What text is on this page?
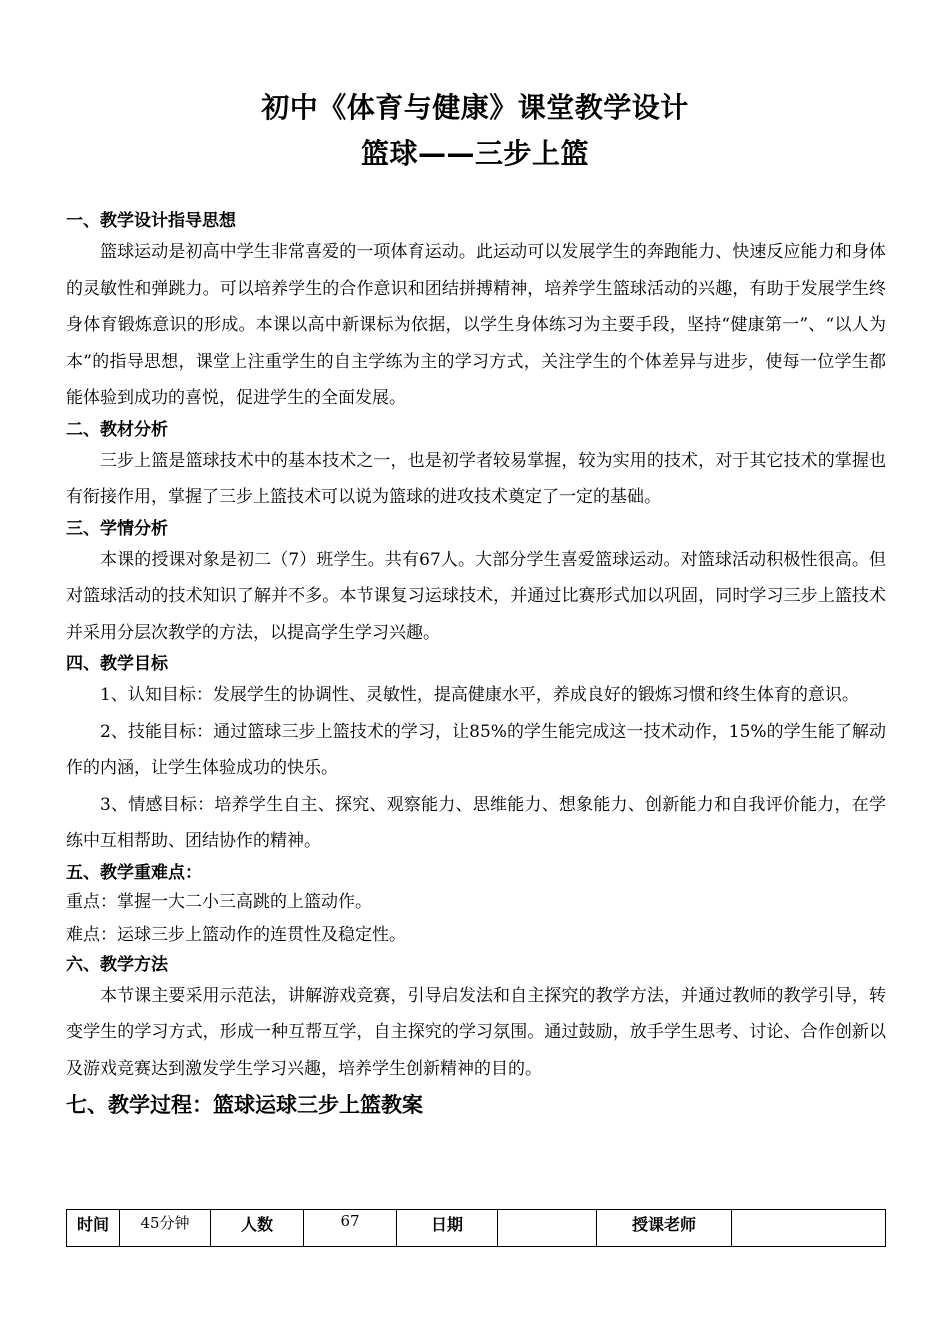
初中《体育与健康》课堂教学设计
篮球——三步上篮
一、教学设计指导思想
篮球运动是初高中学生非常喜爱的一项体育运动。此运动可以发展学生的奔跑能力、快速反应能力和身体的灵敏性和弹跳力。可以培养学生的合作意识和团结拼搏精神，培养学生篮球活动的兴趣，有助于发展学生终身体育锻炼意识的形成。本课以高中新课标为依据，以学生身体练习为主要手段，坚持“健康第一”、“以人为本”的指导思想，课堂上注重学生的自主学练为主的学习方式，关注学生的个体差异与进步，使每一位学生都能体验到成功的喜悦，促进学生的全面发展。
二、教材分析
三步上篮是篮球技术中的基本技术之一，也是初学者较易掌握，较为实用的技术，对于其它技术的掌握也有衔接作用，掌握了三步上篮技术可以说为篮球的进攻技术奠定了一定的基础。
三、学情分析
本课的授课对象是初二（7）班学生。共有67人。大部分学生喜爱篮球运动。对篮球活动积极性很高。但对篮球活动的技术知识了解并不多。本节课复习运球技术，并通过比赛形式加以巩固，同时学习三步上篮技术并采用分层次教学的方法，以提高学生学习兴趣。
四、教学目标
1、认知目标：发展学生的协调性、灵敏性，提高健康水平，养成良好的锻炼习惯和终生体育的意识。
2、技能目标：通过篮球三步上篮技术的学习，让85%的学生能完成这一技术动作，15%的学生能了解动作的内涵，让学生体验成功的快乐。
3、情感目标：培养学生自主、探究、观察能力、思维能力、想象能力、创新能力和自我评价能力，在学练中互相帮助、团结协作的精神。
五、教学重难点：
重点：掌握一大二小三高跳的上篮动作。
难点：运球三步上篮动作的连贯性及稳定性。
六、教学方法
本节课主要采用示范法，讲解游戏竞赛，引导启发法和自主探究的教学方法，并通过教师的教学引导，转变学生的学习方式，形成一种互帮互学，自主探究的学习氛围。通过鼓励，放手学生思考、讨论、合作创新以及游戏竞赛达到激发学生学习兴趣，培养学生创新精神的目的。
七、教学过程：篮球运球三步上篮教案
时间	45分钟	人数	67	日期		授课老师	
